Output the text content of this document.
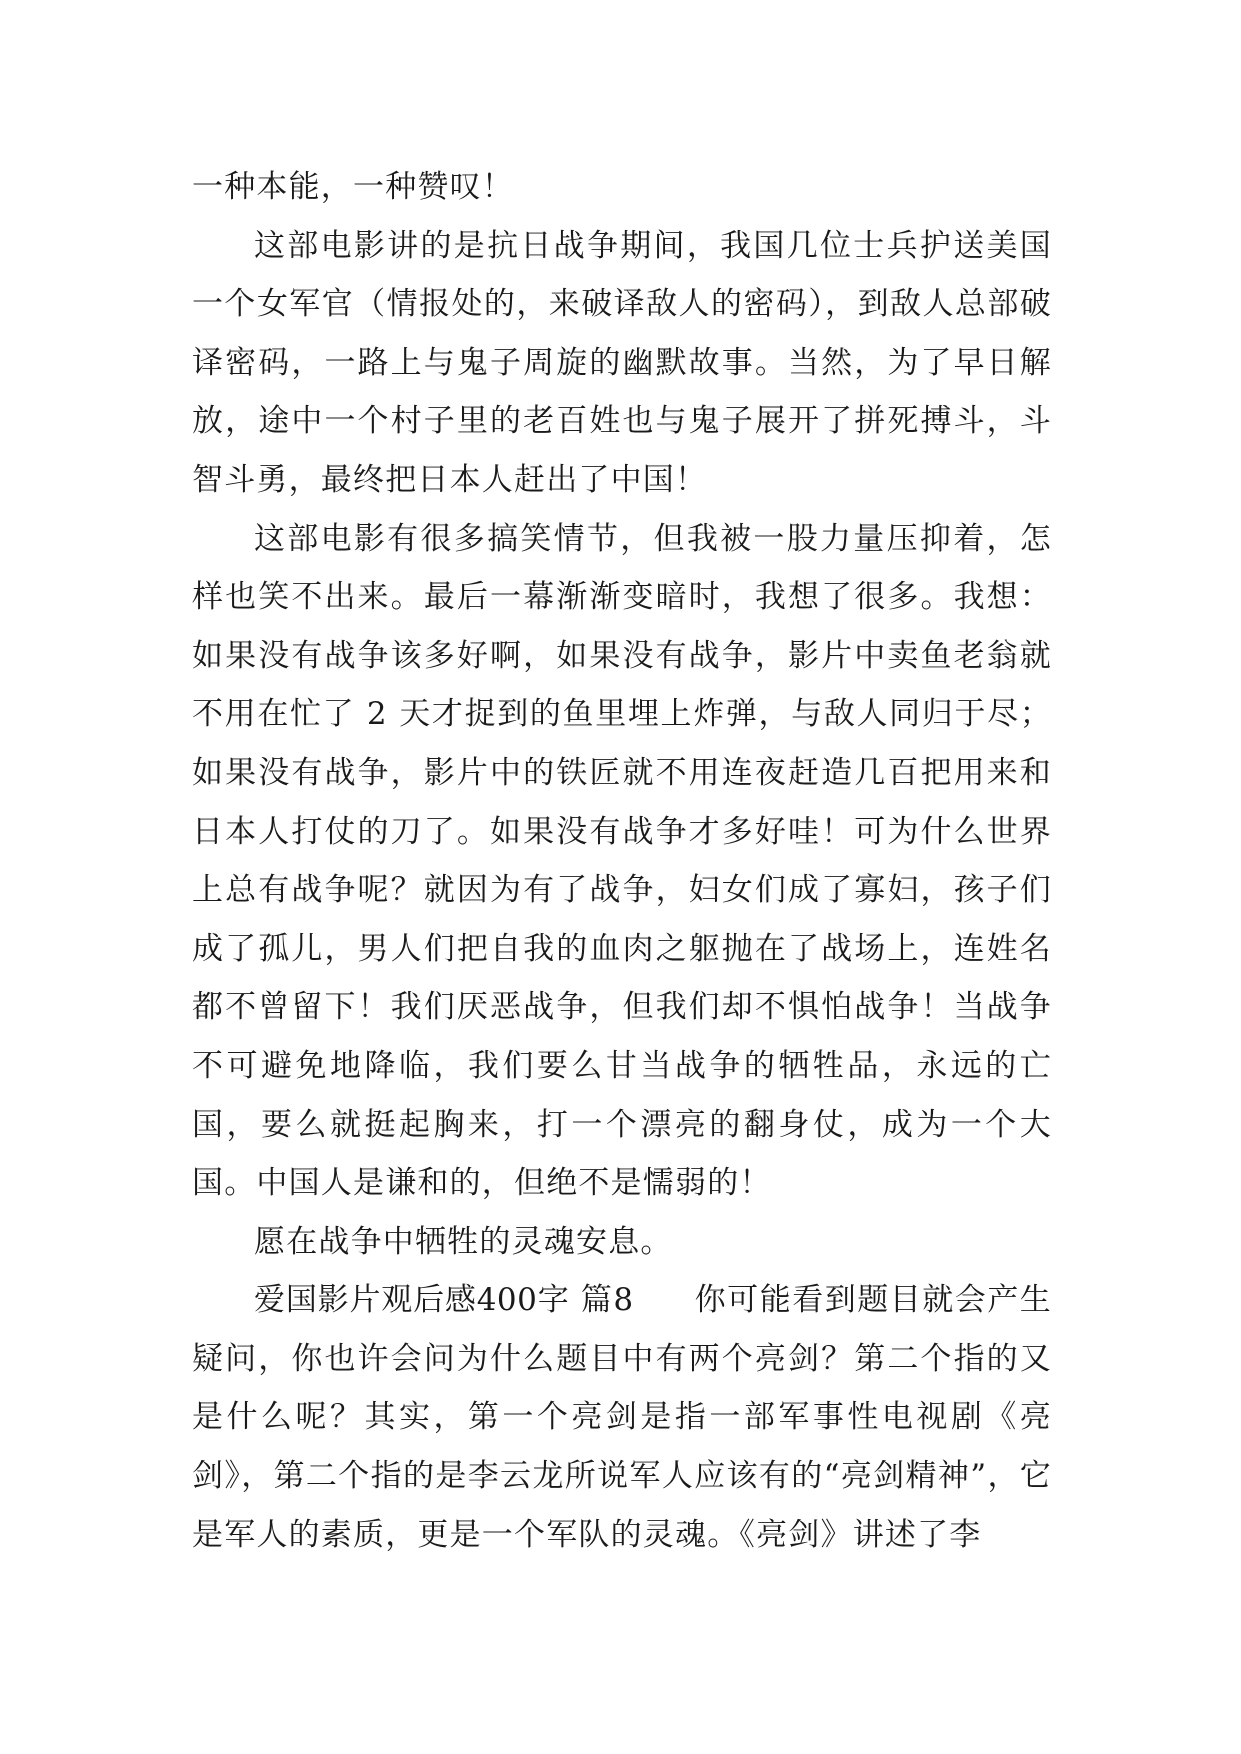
一种本能，一种赞叹！

这部电影讲的是抗日战争期间，我国几位士兵护送美国一个女军官（情报处的，来破译敌人的密码），到敌人总部破译密码，一路上与鬼子周旋的幽默故事。当然，为了早日解放，途中一个村子里的老百姓也与鬼子展开了拼死搏斗，斗智斗勇，最终把日本人赶出了中国！

这部电影有很多搞笑情节，但我被一股力量压抑着，怎样也笑不出来。最后一幕渐渐变暗时，我想了很多。我想：如果没有战争该多好啊，如果没有战争，影片中卖鱼老翁就不用在忙了 2 天才捉到的鱼里埋上炸弹，与敌人同归于尽；如果没有战争，影片中的铁匠就不用连夜赶造几百把用来和日本人打仗的刀了。如果没有战争才多好哇！可为什么世界上总有战争呢？就因为有了战争，妇女们成了寡妇，孩子们成了孤儿，男人们把自我的血肉之躯抛在了战场上，连姓名都不曾留下！我们厌恶战争，但我们却不惧怕战争！当战争不可避免地降临，我们要么甘当战争的牺牲品，永远的亡国，要么就挺起胸来，打一个漂亮的翻身仗，成为一个大国。中国人是谦和的，但绝不是懦弱的！

愿在战争中牺牲的灵魂安息。

爱国影片观后感400字 篇8 你可能看到题目就会产生疑问，你也许会问为什么题目中有两个亮剑？第二个指的又是什么呢？其实，第一个亮剑是指一部军事性电视剧《亮剑》，第二个指的是李云龙所说军人应该有的“亮剑精神”，它是军人的素质，更是一个军队的灵魂。《亮剑》讲述了李
